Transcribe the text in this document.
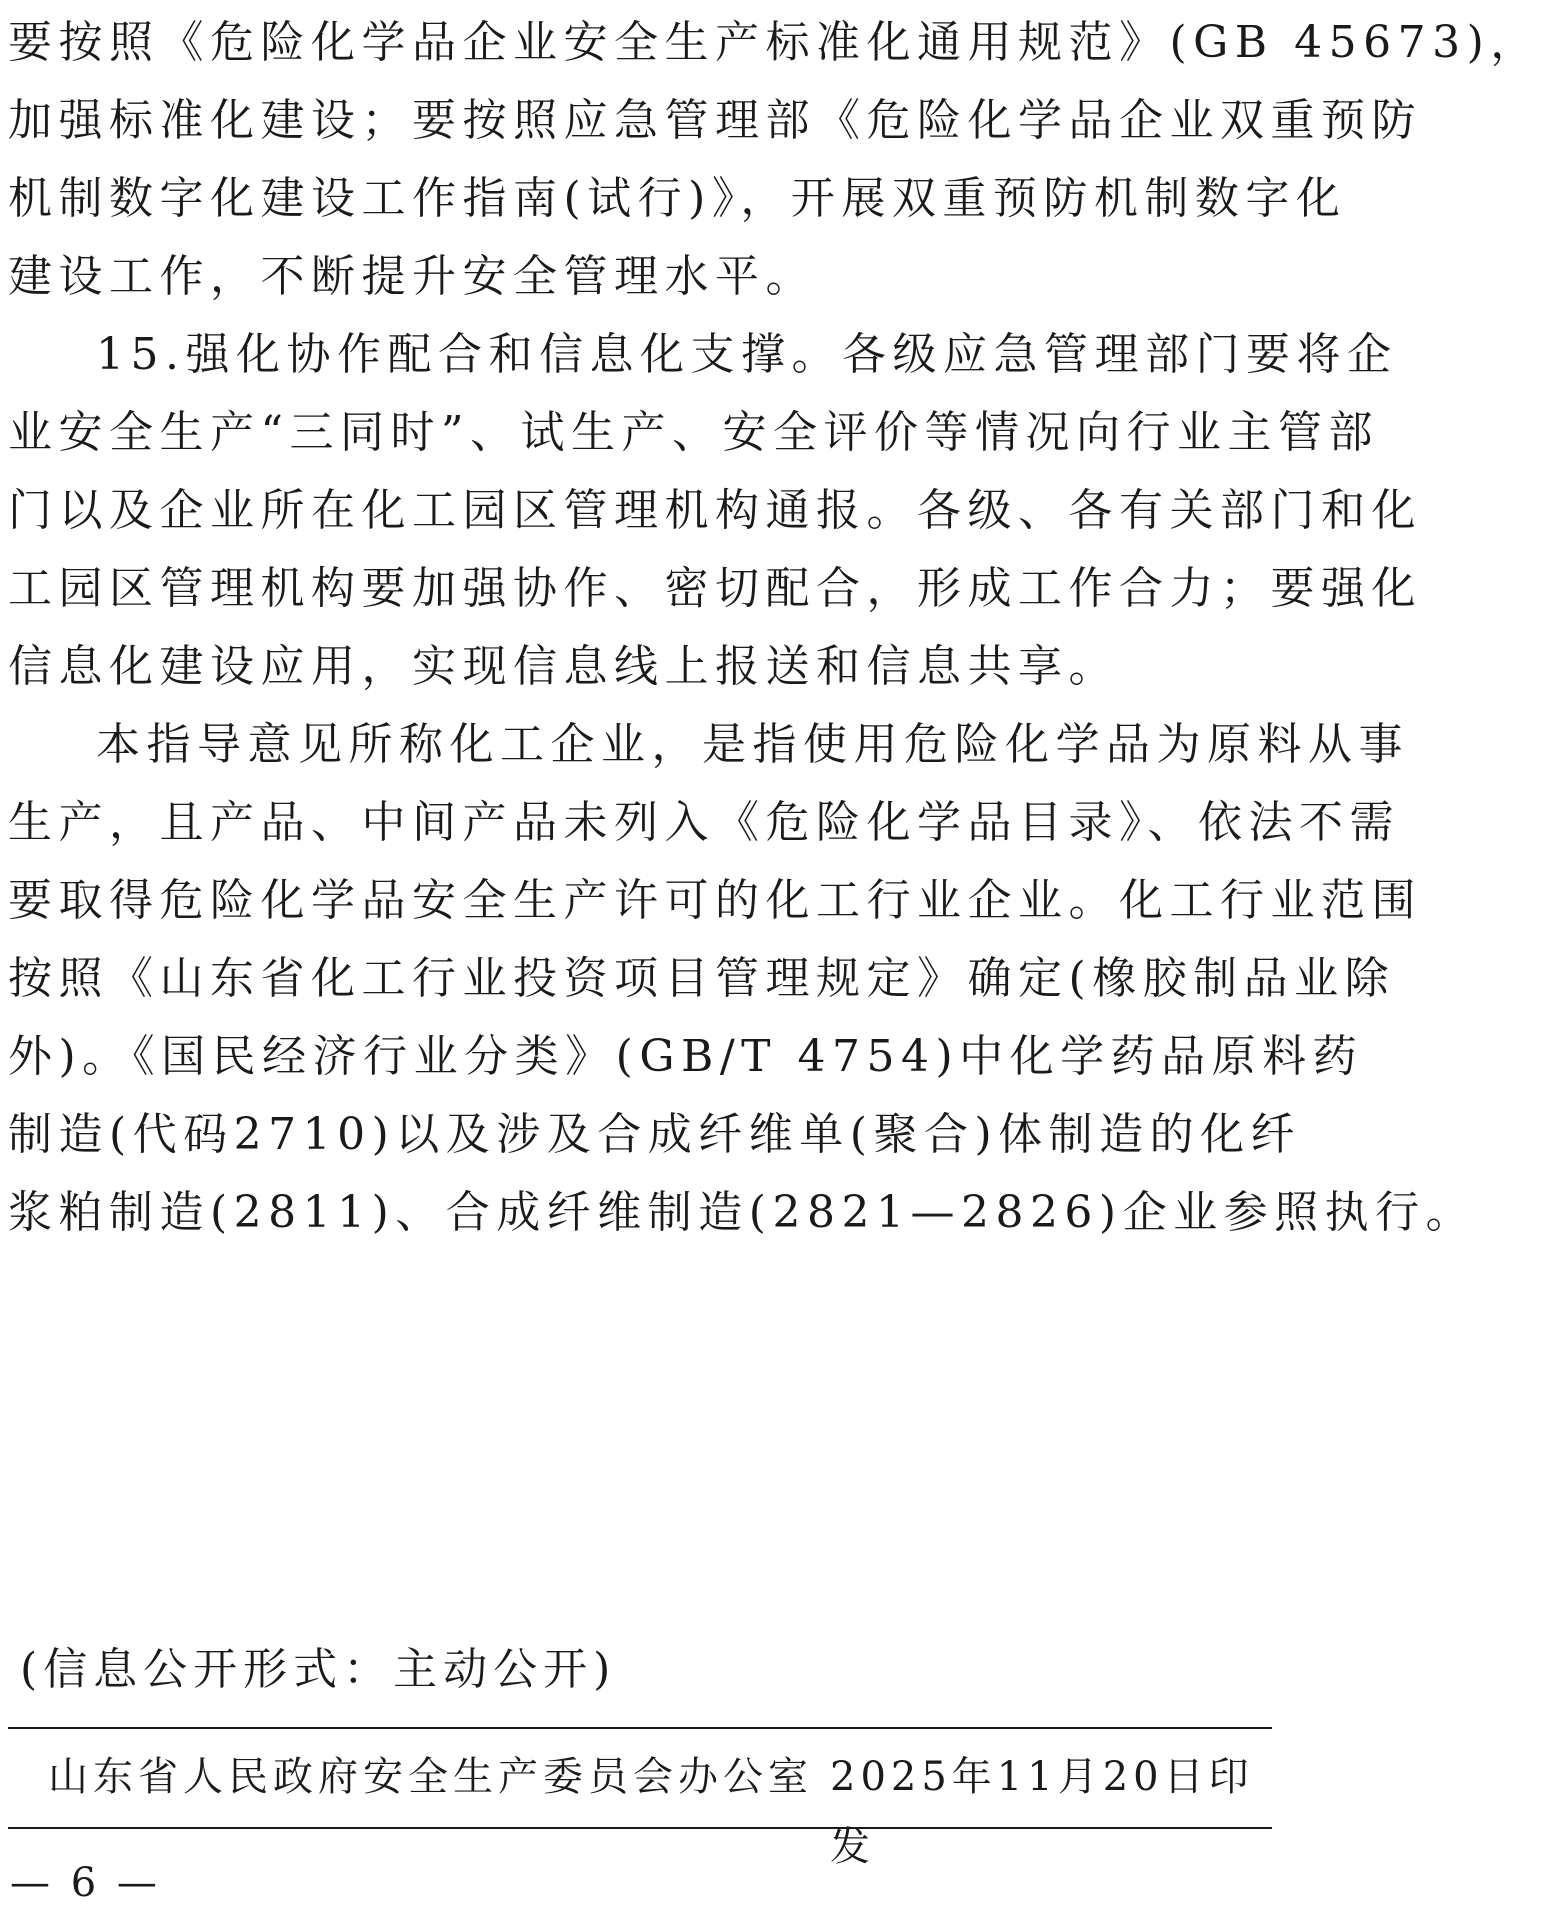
要按照《危险化学品企业安全生产标准化通用规范》(GB 45673)，
加强标准化建设；要按照应急管理部《危险化学品企业双重预防
机制数字化建设工作指南(试行)》，开展双重预防机制数字化
建设工作，不断提升安全管理水平。
15.强化协作配合和信息化支撑。各级应急管理部门要将企
业安全生产“三同时”、试生产、安全评价等情况向行业主管部
门以及企业所在化工园区管理机构通报。各级、各有关部门和化
工园区管理机构要加强协作、密切配合，形成工作合力；要强化
信息化建设应用，实现信息线上报送和信息共享。
本指导意见所称化工企业，是指使用危险化学品为原料从事
生产，且产品、中间产品未列入《危险化学品目录》、依法不需
要取得危险化学品安全生产许可的化工行业企业。化工行业范围
按照《山东省化工行业投资项目管理规定》确定(橡胶制品业除
外)。《国民经济行业分类》(GB/T 4754)中化学药品原料药
制造(代码2710)以及涉及合成纤维单(聚合)体制造的化纤
浆粕制造(2811)、合成纤维制造(2821—2826)企业参照执行。
(信息公开形式：主动公开)
山东省人民政府安全生产委员会办公室 2025年11月20日印发
— 6 —
